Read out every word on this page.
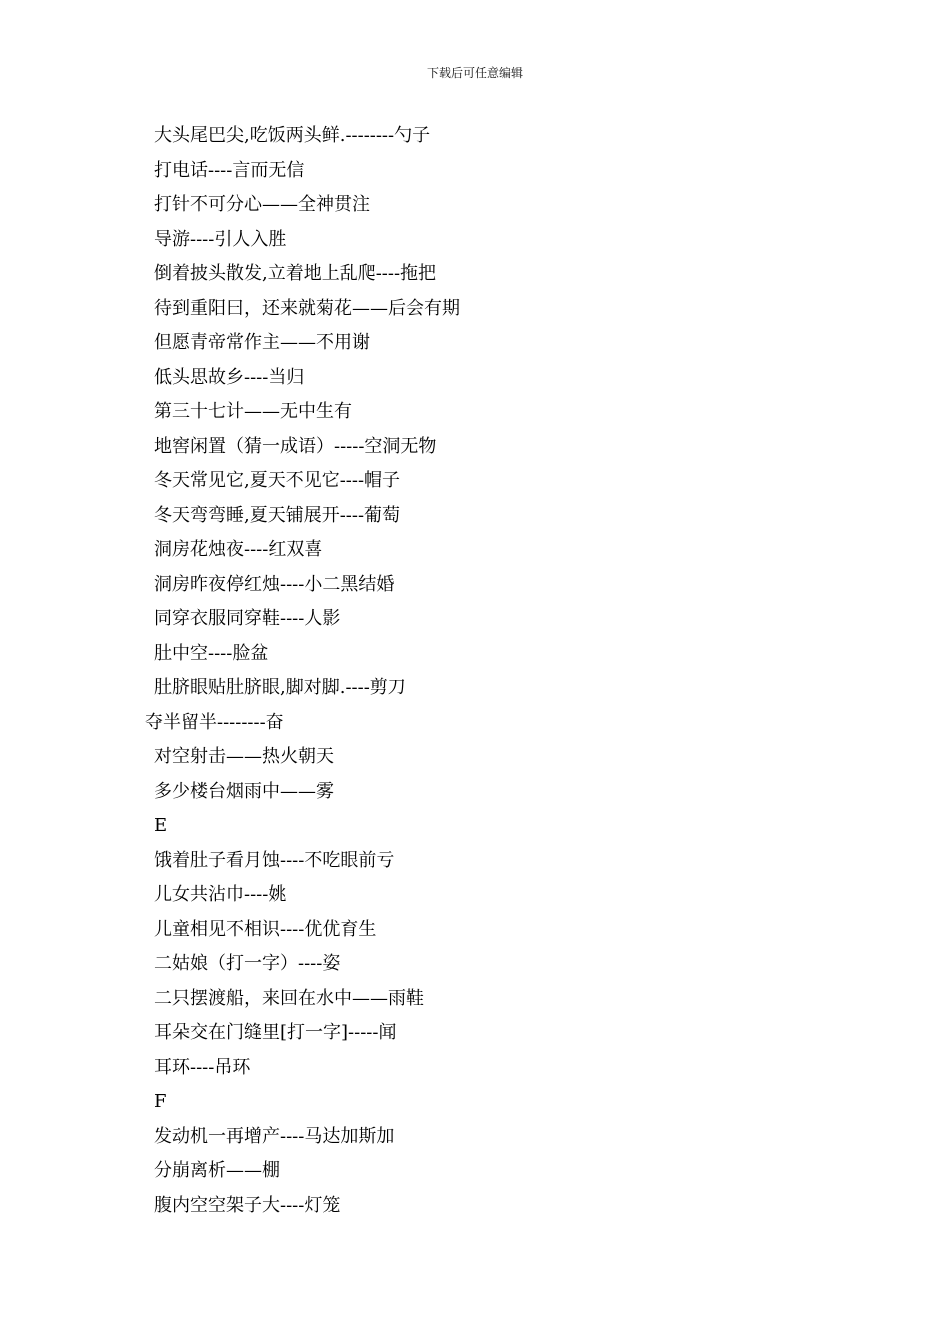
下载后可任意编辑
大头尾巴尖,吃饭两头鲜.--------勺子
打电话----言而无信
打针不可分心——全神贯注
导游----引人入胜
倒着披头散发,立着地上乱爬----拖把
待到重阳曰，还来就菊花——后会有期
但愿青帝常作主——不用谢
低头思故乡----当归
第三十七计——无中生有
地窖闲置（猜一成语）-----空洞无物
冬天常见它,夏天不见它----帽子
冬天弯弯睡,夏天铺展开----葡萄
洞房花烛夜----红双喜
洞房昨夜停红烛----小二黑结婚
同穿衣服同穿鞋----人影
肚中空----脸盆
肚脐眼贴肚脐眼,脚对脚.----剪刀
夺半留半--------奋
对空射击——热火朝天
多少楼台烟雨中——雾
E
饿着肚子看月蚀----不吃眼前亏
儿女共沾巾----姚
儿童相见不相识----优优育生
二姑娘（打一字）----姿
二只摆渡船，来回在水中——雨鞋
耳朵交在门缝里[打一字]-----闻
耳环----吊环
F
发动机一再增产----马达加斯加
分崩离析——棚
腹内空空架子大----灯笼
